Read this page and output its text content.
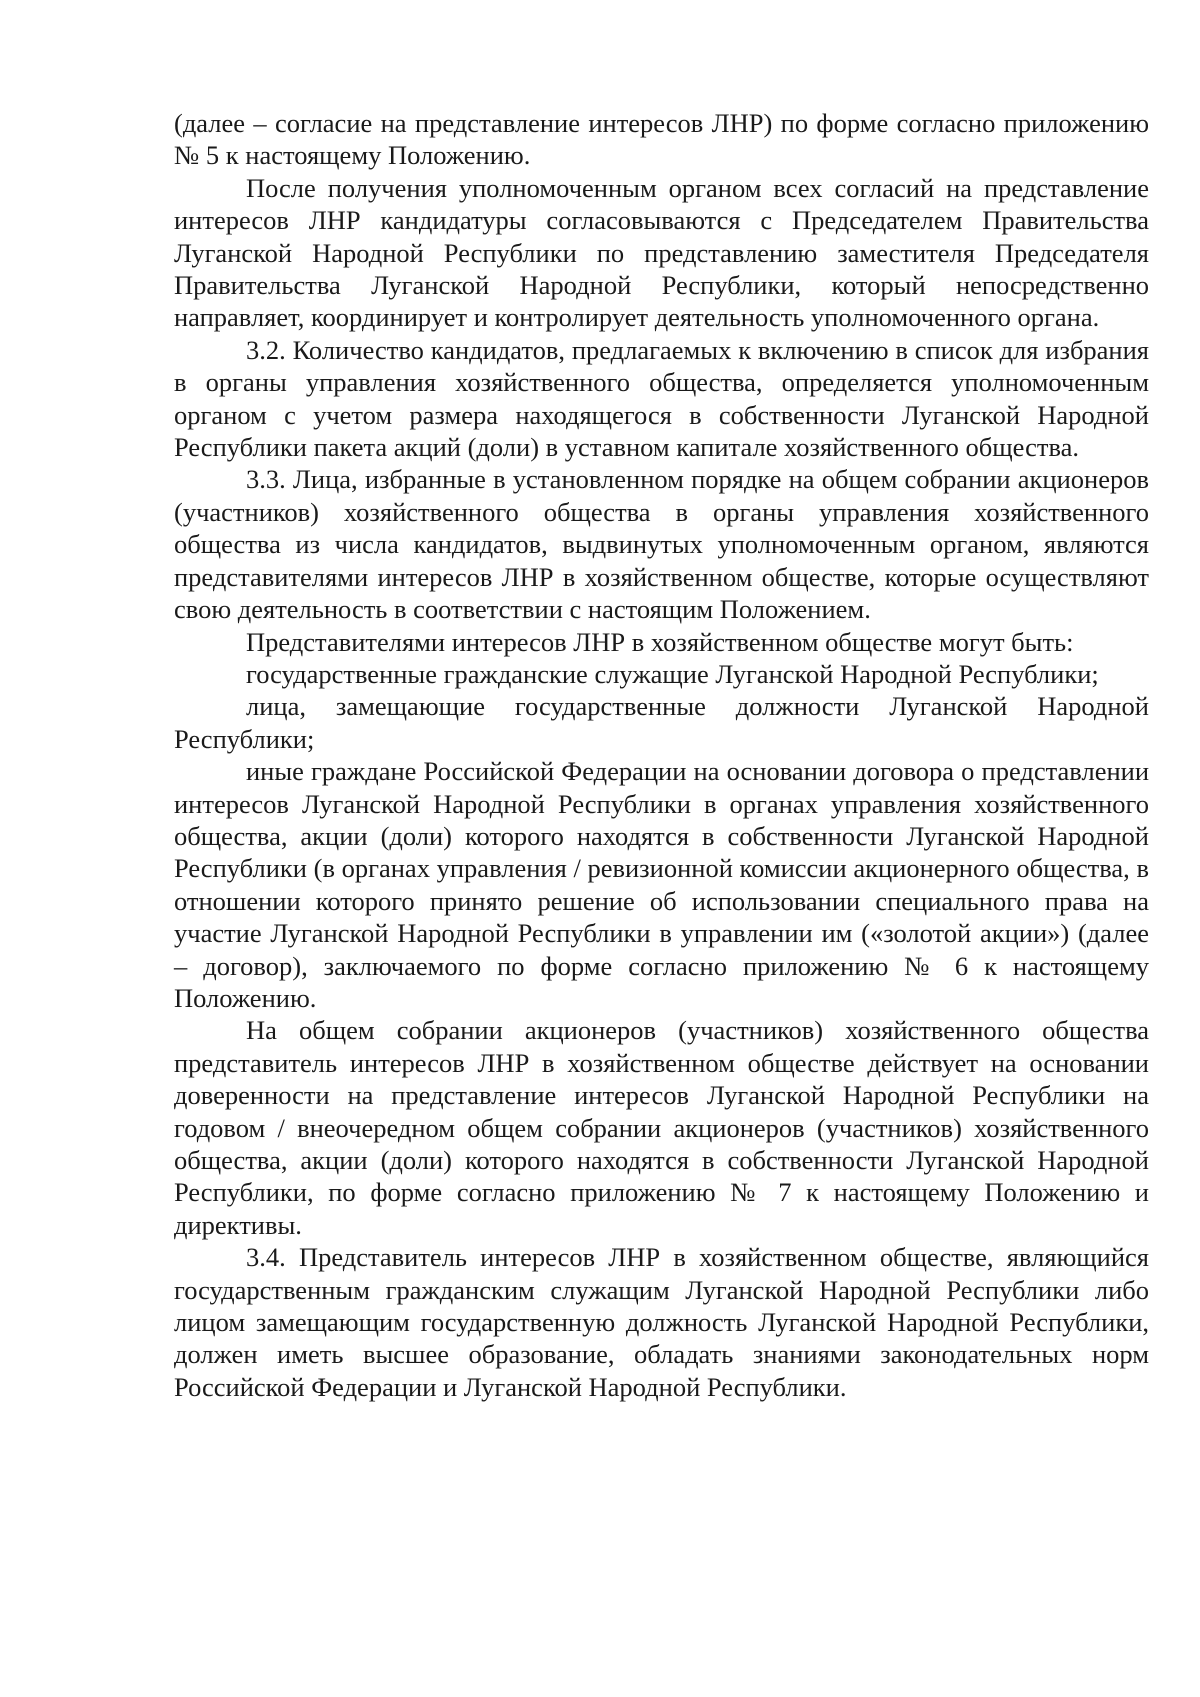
(далее – согласие на представление интересов ЛНР) по форме согласно приложению № 5 к настоящему Положению.

После получения уполномоченным органом всех согласий на представление интересов ЛНР кандидатуры согласовываются с Председателем Правительства Луганской Народной Республики по представлению заместителя Председателя Правительства Луганской Народной Республики, который непосредственно направляет, координирует и контролирует деятельность уполномоченного органа.

3.2. Количество кандидатов, предлагаемых к включению в список для избрания в органы управления хозяйственного общества, определяется уполномоченным органом с учетом размера находящегося в собственности Луганской Народной Республики пакета акций (доли) в уставном капитале хозяйственного общества.

3.3. Лица, избранные в установленном порядке на общем собрании акционеров (участников) хозяйственного общества в органы управления хозяйственного общества из числа кандидатов, выдвинутых уполномоченным органом, являются представителями интересов ЛНР в хозяйственном обществе, которые осуществляют свою деятельность в соответствии с настоящим Положением.

Представителями интересов ЛНР в хозяйственном обществе могут быть:

государственные гражданские служащие Луганской Народной Республики;

лица, замещающие государственные должности Луганской Народной Республики;

иные граждане Российской Федерации на основании договора о представлении интересов Луганской Народной Республики в органах управления хозяйственного общества, акции (доли) которого находятся в собственности Луганской Народной Республики (в органах управления / ревизионной комиссии акционерного общества, в отношении которого принято решение об использовании специального права на участие Луганской Народной Республики в управлении им («золотой акции») (далее – договор), заключаемого по форме согласно приложению № 6 к настоящему Положению.

На общем собрании акционеров (участников) хозяйственного общества представитель интересов ЛНР в хозяйственном обществе действует на основании доверенности на представление интересов Луганской Народной Республики на годовом / внеочередном общем собрании акционеров (участников) хозяйственного общества, акции (доли) которого находятся в собственности Луганской Народной Республики, по форме согласно приложению № 7 к настоящему Положению и директивы.

3.4. Представитель интересов ЛНР в хозяйственном обществе, являющийся государственным гражданским служащим Луганской Народной Республики либо лицом замещающим государственную должность Луганской Народной Республики, должен иметь высшее образование, обладать знаниями законодательных норм Российской Федерации и Луганской Народной Республики.
